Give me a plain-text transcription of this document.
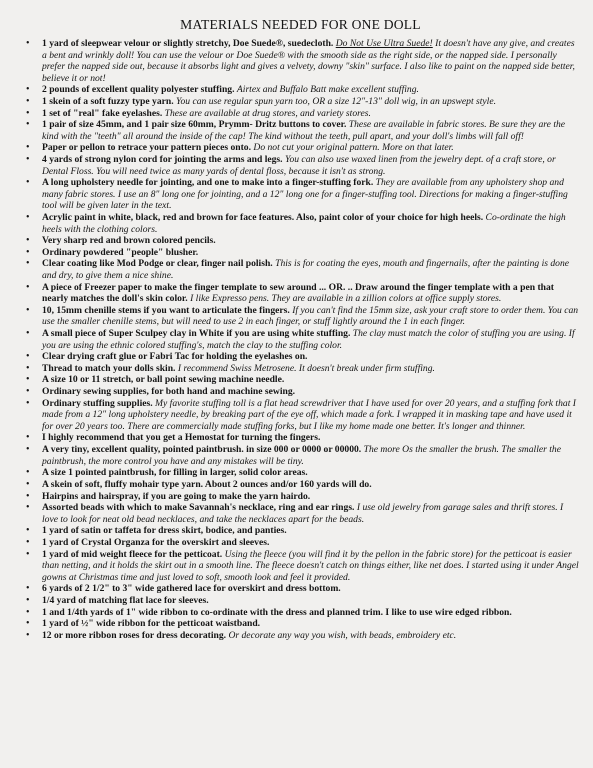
MATERIALS NEEDED FOR ONE DOLL
• 1 yard of sleepwear velour or slightly stretchy, Doe Suede®, suedecloth. Do Not Use Ultra Suede! It doesn't have any give, and creates a bent and wrinkly doll! You can use the velour or Doe Suede® with the smooth side as the right side, or the napped side. I personally prefer the napped side out, because it absorbs light and gives a velvety, downy "skin" surface. I also like to paint on the napped side better, believe it or not!
• 2 pounds of excellent quality polyester stuffing. Airtex and Buffalo Batt make excellent stuffing.
• 1 skein of a soft fuzzy type yarn. You can use regular spun yarn too, OR a size 12"-13" doll wig, in an upswept style.
• 1 set of "real" fake eyelashes. These are available at drug stores, and variety stores.
• 1 pair of size 45mm, and 1 pair size 60mm, Prymm- Dritz buttons to cover. These are available in fabric stores. Be sure they are the kind with the "teeth" all around the inside of the cap! The kind without the teeth, pull apart, and your doll's limbs will fall off!
• Paper or pellon to retrace your pattern pieces onto. Do not cut your original pattern. More on that later.
• 4 yards of strong nylon cord for jointing the arms and legs. You can also use waxed linen from the jewelry dept. of a craft store, or Dental Floss. You will need twice as many yards of dental floss, because it isn't as strong.
• A long upholstery needle for jointing, and one to make into a finger-stuffing fork. They are available from any upholstery shop and many fabric stores. I use an 8" long one for jointing, and a 12" long one for a finger-stuffing tool. Directions for making a finger-stuffing tool will be given later in the text.
• Acrylic paint in white, black, red and brown for face features. Also, paint color of your choice for high heels. Co-ordinate the high heels with the clothing colors.
• Very sharp red and brown colored pencils.
• Ordinary powdered "people" blusher.
• Clear coating like Mod Podge or clear, finger nail polish. This is for coating the eyes, mouth and fingernails, after the painting is done and dry, to give them a nice shine.
• A piece of Freezer paper to make the finger template to sew around ... OR. .. Draw around the finger template with a pen that nearly matches the doll's skin color. I like Expresso pens. They are available in a zillion colors at office supply stores.
• 10, 15mm chenille stems if you want to articulate the fingers. If you can't find the 15mm size, ask your craft store to order them. You can use the smaller chenille stems, but will need to use 2 in each finger, or stuff lightly around the 1 in each finger.
• A small piece of Super Sculpey clay in White if you are using white stuffing. The clay must match the color of stuffing you are using. If you are using the ethnic colored stuffing's, match the clay to the stuffing color.
• Clear drying craft glue or Fabri Tac for holding the eyelashes on.
• Thread to match your dolls skin. I recommend Swiss Metrosene. It doesn't break under firm stuffing.
• A size 10 or 11 stretch, or ball point sewing machine needle.
• Ordinary sewing supplies, for both hand and machine sewing.
• Ordinary stuffing supplies. My favorite stuffing toll is a flat head screwdriver that I have used for over 20 years, and a stuffing fork that I made from a 12" long upholstery needle, by breaking part of the eye off, which made a fork. I wrapped it in masking tape and have used it for over 20 years too. There are commercially made stuffing forks, but I like my home made one better. It's longer and thinner.
• I highly recommend that you get a Hemostat for turning the fingers.
• A very tiny, excellent quality, pointed paintbrush. in size 000 or 0000 or 00000. The more Os the smaller the brush. The smaller the paintbrush, the more control you have and any mistakes will be tiny.
• A size 1 pointed paintbrush, for filling in larger, solid color areas.
• A skein of soft, fluffy mohair type yarn. About 2 ounces and/or 160 yards will do.
• Hairpins and hairspray, if you are going to make the yarn hairdo.
• Assorted beads with which to make Savannah's necklace, ring and ear rings. I use old jewelry from garage sales and thrift stores. I love to look for neat old bead necklaces, and take the necklaces apart for the beads.
• 1 yard of satin or taffeta for dress skirt, bodice, and panties.
• 1 yard of Crystal Organza for the overskirt and sleeves.
• 1 yard of mid weight fleece for the petticoat. Using the fleece (you will find it by the pellon in the fabric store) for the petticoat is easier than netting, and it holds the skirt out in a smooth line. The fleece doesn't catch on things either, like net does. I started using it under Angel gowns at Christmas time and just loved to soft, smooth look and feel it provided.
• 6 yards of 2 1/2" to 3" wide gathered lace for overskirt and dress bottom.
• 1/4 yard of matching flat lace for sleeves.
• 1 and 1/4th yards of 1" wide ribbon to co-ordinate with the dress and planned trim. I like to use wire edged ribbon.
• 1 yard of ½" wide ribbon for the petticoat waistband.
• 12 or more ribbon roses for dress decorating. Or decorate any way you wish, with beads, embroidery etc.
